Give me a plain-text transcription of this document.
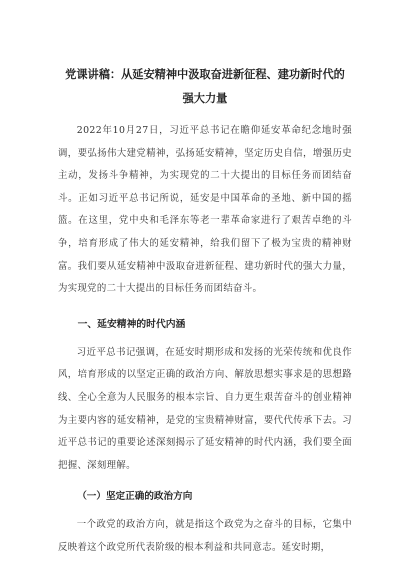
党课讲稿：从延安精神中汲取奋进新征程、建功新时代的
强大力量

2022年10月27日，习近平总书记在瞻仰延安革命纪念地时强调，要弘扬伟大建党精神，弘扬延安精神，坚定历史自信，增强历史主动，发扬斗争精神，为实现党的二十大提出的目标任务而团结奋斗。正如习近平总书记所说，延安是中国革命的圣地、新中国的摇篮。在这里，党中央和毛泽东等老一辈革命家进行了艰苦卓绝的斗争，培育形成了伟大的延安精神，给我们留下了极为宝贵的精神财富。我们要从延安精神中汲取奋进新征程、建功新时代的强大力量，为实现党的二十大提出的目标任务而团结奋斗。

一、延安精神的时代内涵

习近平总书记强调，在延安时期形成和发扬的光荣传统和优良作风，培育形成的以坚定正确的政治方向、解放思想实事求是的思想路线、全心全意为人民服务的根本宗旨、自力更生艰苦奋斗的创业精神为主要内容的延安精神，是党的宝贵精神财富，要代代传承下去。习近平总书记的重要论述深刻揭示了延安精神的时代内涵，我们要全面把握、深刻理解。

（一）坚定正确的政治方向

一个政党的政治方向，就是指这个政党为之奋斗的目标，它集中反映着这个政党所代表阶级的根本利益和共同意志。延安时期，
